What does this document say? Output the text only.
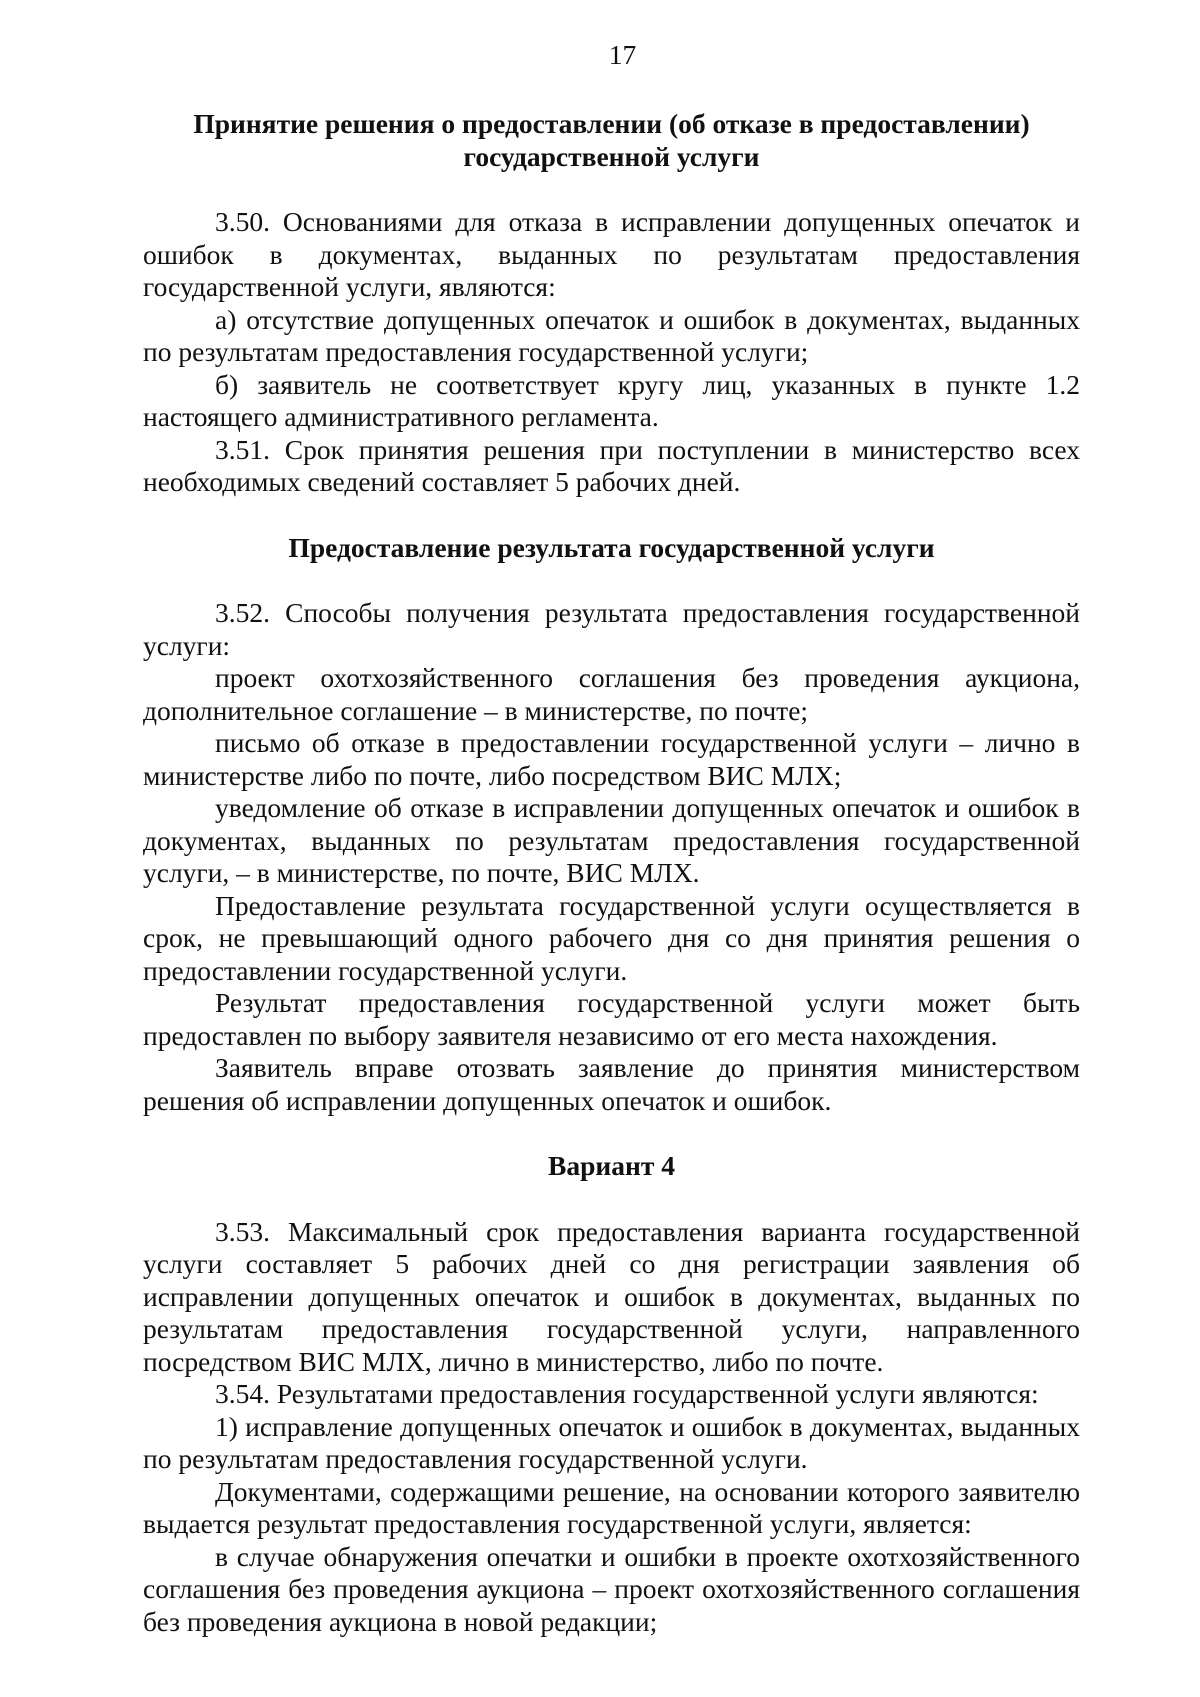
17
Принятие решения о предоставлении (об отказе в предоставлении)
государственной услуги

3.50. Основаниями для отказа в исправлении допущенных опечаток и ошибок в документах, выданных по результатам предоставления государственной услуги, являются:

а) отсутствие допущенных опечаток и ошибок в документах, выданных по результатам предоставления государственной услуги;

б) заявитель не соответствует кругу лиц, указанных в пункте 1.2 настоящего административного регламента.

3.51. Срок принятия решения при поступлении в министерство всех необходимых сведений составляет 5 рабочих дней.

Предоставление результата государственной услуги

3.52. Способы получения результата предоставления государственной услуги:

проект охотхозяйственного соглашения без проведения аукциона, дополнительное соглашение – в министерстве, по почте;

письмо об отказе в предоставлении государственной услуги – лично в министерстве либо по почте, либо посредством ВИС МЛХ;

уведомление об отказе в исправлении допущенных опечаток и ошибок в документах, выданных по результатам предоставления государственной услуги, – в министерстве, по почте, ВИС МЛХ.

Предоставление результата государственной услуги осуществляется в срок, не превышающий одного рабочего дня со дня принятия решения о предоставлении государственной услуги.

Результат предоставления государственной услуги может быть предоставлен по выбору заявителя независимо от его места нахождения.

Заявитель вправе отозвать заявление до принятия министерством решения об исправлении допущенных опечаток и ошибок.

Вариант 4

3.53. Максимальный срок предоставления варианта государственной услуги составляет 5 рабочих дней со дня регистрации заявления об исправлении допущенных опечаток и ошибок в документах, выданных по результатам предоставления государственной услуги, направленного посредством ВИС МЛХ, лично в министерство, либо по почте.

3.54. Результатами предоставления государственной услуги являются:

1) исправление допущенных опечаток и ошибок в документах, выданных по результатам предоставления государственной услуги.

Документами, содержащими решение, на основании которого заявителю выдается результат предоставления государственной услуги, является:

в случае обнаружения опечатки и ошибки в проекте охотхозяйственного соглашения без проведения аукциона – проект охотхозяйственного соглашения без проведения аукциона в новой редакции;
